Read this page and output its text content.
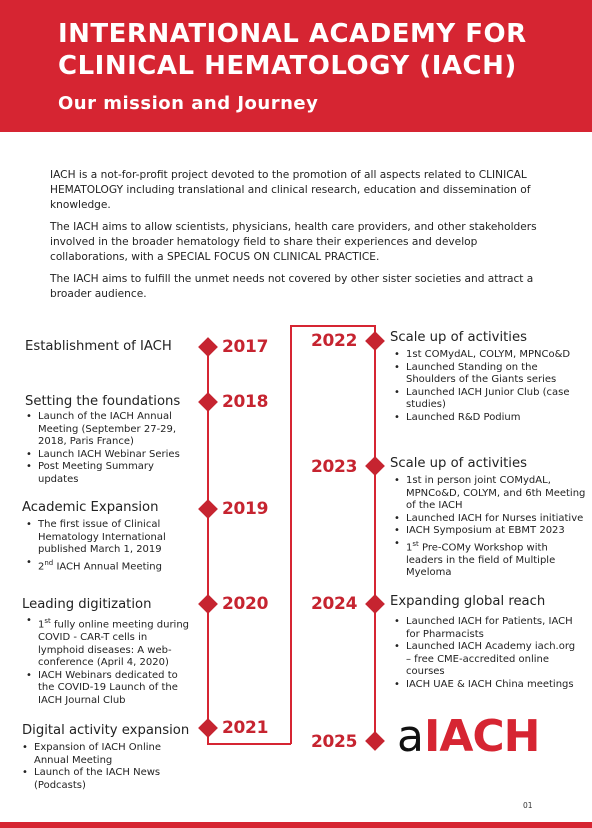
INTERNATIONAL ACADEMY FOR CLINICAL HEMATOLOGY (IACH)
Our mission and Journey

IACH is a not-for-profit project devoted to the promotion of all aspects related to CLINICAL HEMATOLOGY including translational and clinical research, education and dissemination of knowledge.

The IACH aims to allow scientists, physicians, health care providers, and other stakeholders involved in the broader hematology field to share their experiences and develop collaborations, with a SPECIAL FOCUS ON CLINICAL PRACTICE.

The IACH aims to fulfill the unmet needs not covered by other sister societies and attract a broader audience.

Establishment of IACH	2017
Setting the foundations 2018
• Launch of the IACH Annual Meeting (September 27-29, 2018, Paris France)
• Launch IACH Webinar Series
• Post Meeting Summary updates
Academic Expansion	2019
• The first issue of Clinical Hematology International published March 1, 2019
• 2nd IACH Annual Meeting
Leading digitization	2020
• 1st fully online meeting during COVID - CAR-T cells in lymphoid diseases: A web-conference (April 4, 2020)
• IACH Webinars dedicated to the COVID-19 Launch of the IACH Journal Club
Digital activity expansion 2021
• Expansion of IACH Online Annual Meeting
• Launch of the IACH News (Podcasts)
2022 Scale up of activities
• 1st COMydAL, COLYM, MPNCo&D
• Launched Standing on the Shoulders of the Giants series
• Launched IACH Junior Club (case studies)
• Launched R&D Podium
2023 Scale up of activities
• 1st in person joint COMydAL, MPNCo&D, COLYM, and 6th Meeting of the IACH
• Launched IACH for Nurses initiative
• IACH Symposium at EBMT 2023
• 1st Pre-COMy Workshop with leaders in the field of Multiple Myeloma
2024 Expanding global reach
• Launched IACH for Patients, IACH for Pharmacists
• Launched IACH Academy iach.org – free CME-accredited online courses
• IACH UAE & IACH China meetings
2025 aIACH
01
